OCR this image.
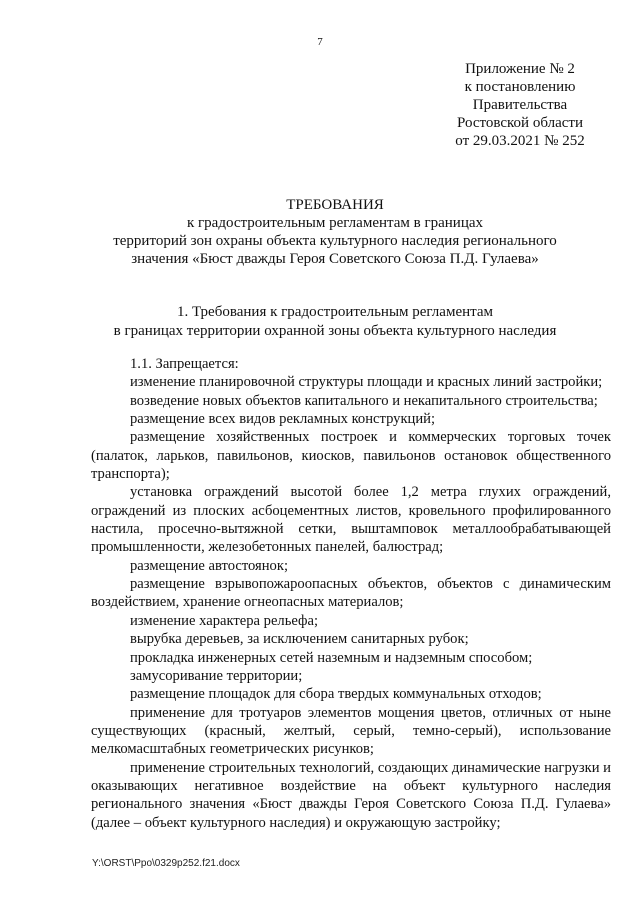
7
Приложение № 2
к постановлению
Правительства
Ростовской области
от 29.03.2021 № 252
ТРЕБОВАНИЯ
к градостроительным регламентам в границах
территорий зон охраны объекта культурного наследия регионального
значения «Бюст дважды Героя Советского Союза П.Д. Гулаева»
1. Требования к градостроительным регламентам
в границах территории охранной зоны объекта культурного наследия

1.1. Запрещается:

изменение планировочной структуры площади и красных линий застройки;

возведение новых объектов капитального и некапитального строительства;

размещение всех видов рекламных конструкций;

размещение хозяйственных построек и коммерческих торговых точек (палаток, ларьков, павильонов, киосков, павильонов остановок общественного транспорта);

установка ограждений высотой более 1,2 метра глухих ограждений, ограждений из плоских асбоцементных листов, кровельного профилированного настила, просечно-вытяжной сетки, выштамповок металлообрабатывающей промышленности, железобетонных панелей, балюстрад;

размещение автостоянок;

размещение взрывопожароопасных объектов, объектов с динамическим воздействием, хранение огнеопасных материалов;

изменение характера рельефа;

вырубка деревьев, за исключением санитарных рубок;

прокладка инженерных сетей наземным и надземным способом;

замусоривание территории;

размещение площадок для сбора твердых коммунальных отходов;

применение для тротуаров элементов мощения цветов, отличных от ныне существующих (красный, желтый, серый, темно-серый), использование мелкомасштабных геометрических рисунков;

применение строительных технологий, создающих динамические нагрузки и оказывающих негативное воздействие на объект культурного наследия регионального значения «Бюст дважды Героя Советского Союза П.Д. Гулаева» (далее – объект культурного наследия) и окружающую застройку;

Y:\ORST\Ppo\0329p252.f21.docx
